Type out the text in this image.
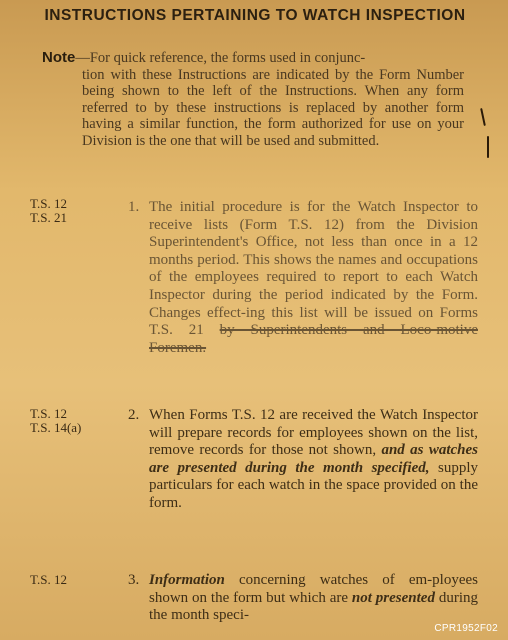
INSTRUCTIONS PERTAINING TO WATCH INSPECTION
Note—For quick reference, the forms used in conjunc-
tion with these Instructions are indicated by the Form Number being shown to the left of the Instructions. When any form referred to by these instructions is replaced by another form having a similar function, the form authorized for use on your Division is the one that will be used and submitted.
T.S. 12
T.S. 21
1. The initial procedure is for the Watch Inspector to receive lists (Form T.S. 12) from the Division Superintendent's Office, not less than once in a 12 months period. This shows the names and occupations of the employees required to report to each Watch Inspector during the period indicated by the Form. Changes effect-ing this list will be issued on Forms T.S. 21 by Superintendents and Loco-motive Foremen.
T.S. 12
T.S. 14(a)
2. When Forms T.S. 12 are received the Watch Inspector will prepare records for employees shown on the list, remove records for those not shown, and as watches are presented during the month specified, supply particulars for each watch in the space provided on the form.
T.S. 12	3. Information concerning watches of em-ployees shown on the form but which are not presented during the month speci-
CPR1952F02
